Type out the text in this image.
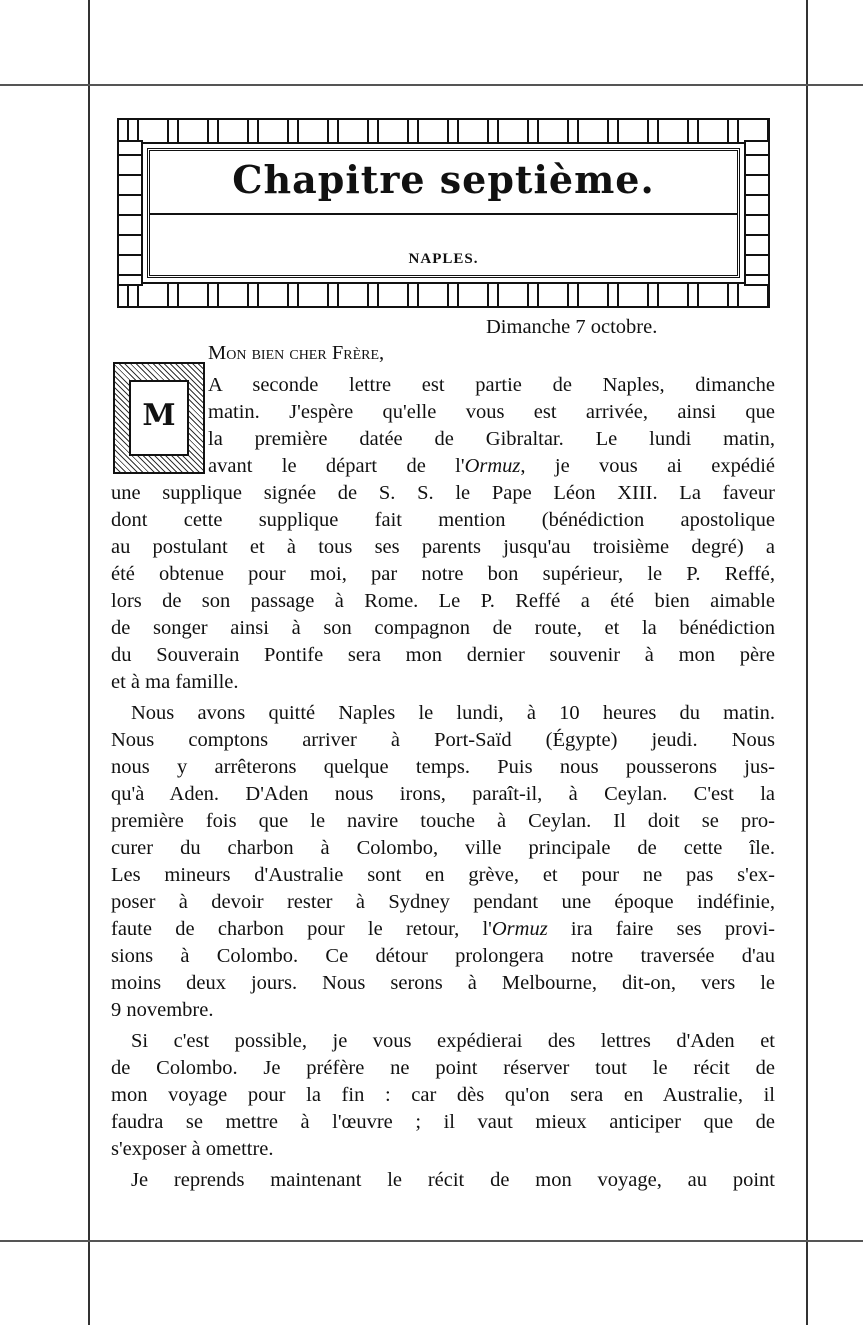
Chapitre septième.
NAPLES.
Dimanche 7 octobre.
Mon bien cher Frère,
M
A seconde lettre est partie de Naples, dimanche
matin. J'espère qu'elle vous est arrivée, ainsi que
la première datée de Gibraltar. Le lundi matin,
avant le départ de l'Ormuz, je vous ai expédié
une supplique signée de S. S. le Pape Léon XIII. La faveur
dont cette supplique fait mention (bénédiction apostolique
au postulant et à tous ses parents jusqu'au troisième degré) a
été obtenue pour moi, par notre bon supérieur, le P. Reffé,
lors de son passage à Rome. Le P. Reffé a été bien aimable
de songer ainsi à son compagnon de route, et la bénédiction
du Souverain Pontife sera mon dernier souvenir à mon père
et à ma famille.
Nous avons quitté Naples le lundi, à 10 heures du matin.
Nous comptons arriver à Port-Saïd (Égypte) jeudi. Nous
nous y arrêterons quelque temps. Puis nous pousserons jus-
qu'à Aden. D'Aden nous irons, paraît-il, à Ceylan. C'est la
première fois que le navire touche à Ceylan. Il doit se pro-
curer du charbon à Colombo, ville principale de cette île.
Les mineurs d'Australie sont en grève, et pour ne pas s'ex-
poser à devoir rester à Sydney pendant une époque indéfinie,
faute de charbon pour le retour, l'Ormuz ira faire ses provi-
sions à Colombo. Ce détour prolongera notre traversée d'au
moins deux jours. Nous serons à Melbourne, dit-on, vers le
9 novembre.
Si c'est possible, je vous expédierai des lettres d'Aden et
de Colombo. Je préfère ne point réserver tout le récit de
mon voyage pour la fin : car dès qu'on sera en Australie, il
faudra se mettre à l'œuvre ; il vaut mieux anticiper que de
s'exposer à omettre.
Je reprends maintenant le récit de mon voyage, au point
